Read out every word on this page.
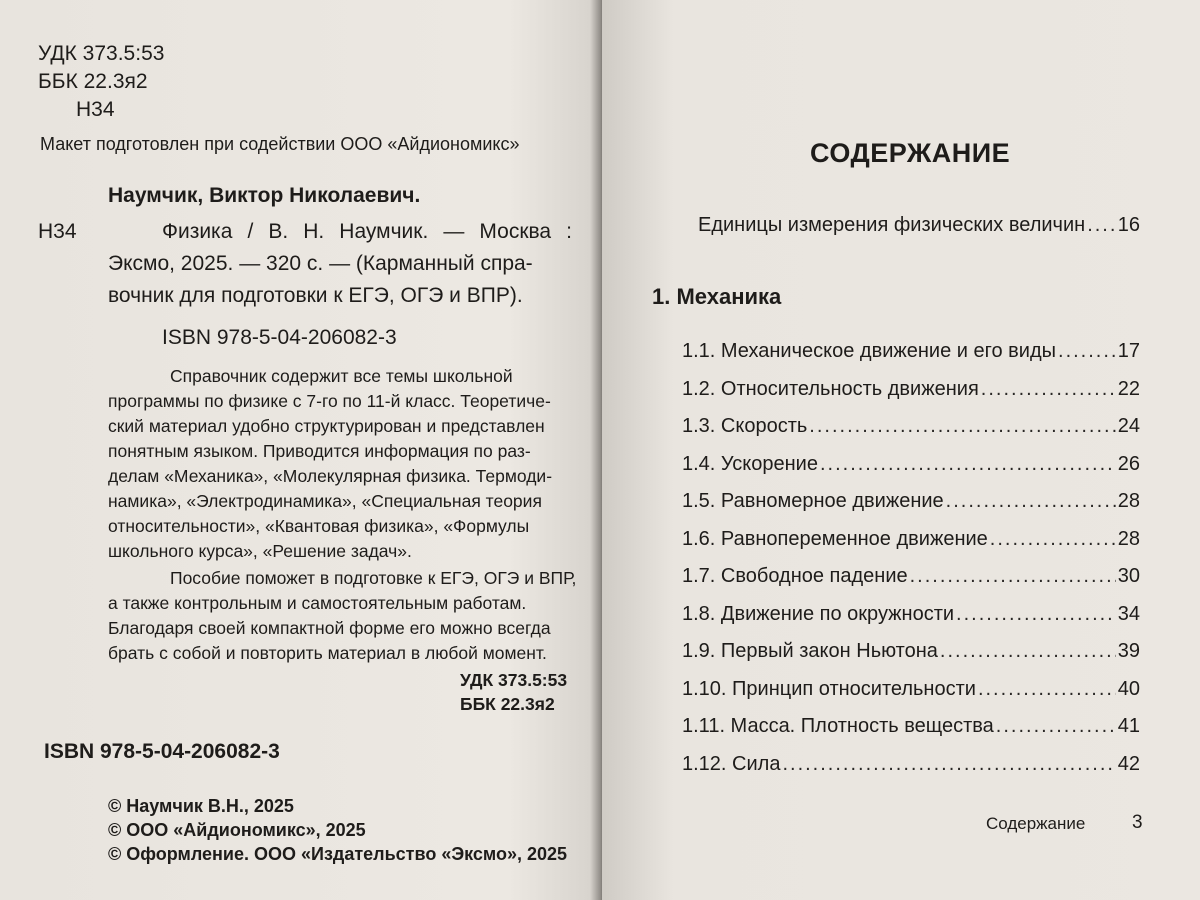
УДК 373.5:53
ББК 22.3я2
Н34
Макет подготовлен при содействии ООО «Айдиономикс»
Наумчик, Виктор Николаевич.
Н34	Физика / В. Н. Наумчик. — Москва :
Эксмо, 2025. — 320 с. — (Карманный спра-
вочник для подготовки к ЕГЭ, ОГЭ и ВПР).
ISBN 978-5-04-206082-3
Справочник содержит все темы школьной
программы по физике с 7-го по 11-й класс. Теоретиче-
ский материал удобно структурирован и представлен
понятным языком. Приводится информация по раз-
делам «Механика», «Молекулярная физика. Термоди-
намика», «Электродинамика», «Специальная теория
относительности», «Квантовая физика», «Формулы
школьного курса», «Решение задач».
Пособие поможет в подготовке к ЕГЭ, ОГЭ и ВПР,
а также контрольным и самостоятельным работам.
Благодаря своей компактной форме его можно всегда
брать с собой и повторить материал в любой момент.
УДК 373.5:53
ББК 22.3я2
ISBN 978-5-04-206082-3
© Наумчик В.Н., 2025
© ООО «Айдиономикс», 2025
© Оформление. ООО «Издательство «Эксмо», 2025
СОДЕРЖАНИЕ
Единицы измерения физических величин ..... 16
1. Механика
1.1. Механическое движение и его виды .....	17
1.2. Относительность движения .....	22
1.3. Скорость .....	24
1.4. Ускорение .....	26
1.5. Равномерное движение .....	28
1.6. Равнопеременное движение .....	28
1.7. Свободное падение .....	30
1.8. Движение по окружности .....	34
1.9. Первый закон Ньютона .....	39
1.10. Принцип относительности .....	40
1.11. Масса. Плотность вещества .....	41
1.12. Сила .....	42
Содержание 3
